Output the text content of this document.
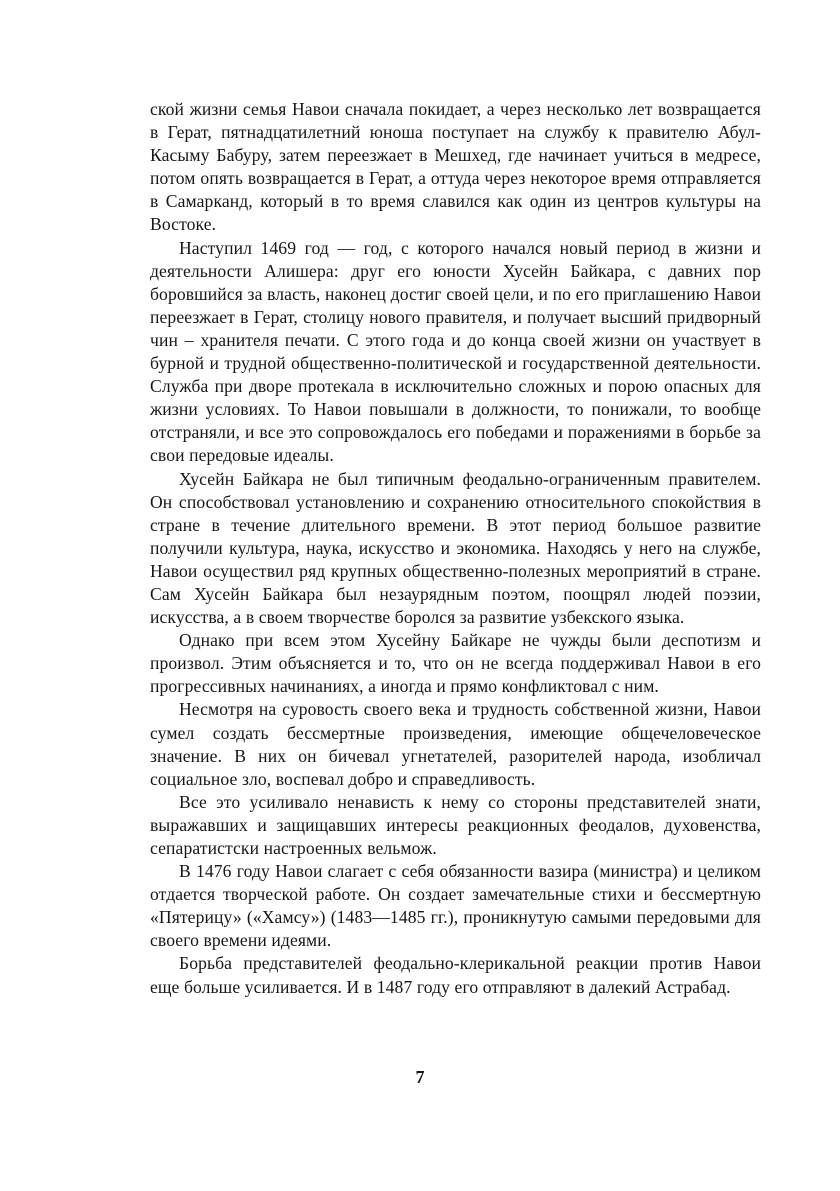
ской жизни семья Навои сначала покидает, а через несколько лет возвращается в Герат, пятнадцатилетний юноша поступает на службу к правителю Абул-Касыму Бабуру, затем переезжает в Мешхед, где начинает учиться в медресе, потом опять возвращается в Герат, а оттуда через некоторое время отправляется в Самарканд, который в то время славился как один из центров культуры на Востоке.

Наступил 1469 год — год, с которого начался новый период в жизни и деятельности Алишера: друг его юности Хусейн Байкара, с давних пор боровшийся за власть, наконец достиг своей цели, и по его приглашению Навои переезжает в Герат, столицу нового правителя, и получает высший придворный чин – хранителя печати. С этого года и до конца своей жизни он участвует в бурной и трудной общественно-политической и государственной деятельности. Служба при дворе протекала в исключительно сложных и порою опасных для жизни условиях. То Навои повышали в должности, то понижали, то вообще отстраняли, и все это сопровождалось его победами и поражениями в борьбе за свои передовые идеалы.

Хусейн Байкара не был типичным феодально-ограниченным правителем. Он способствовал установлению и сохранению относительного спокойствия в стране в течение длительного времени. В этот период большое развитие получили культура, наука, искусство и экономика. Находясь у него на службе, Навои осуществил ряд крупных общественно-полезных мероприятий в стране. Сам Хусейн Байкара был незаурядным поэтом, поощрял людей поэзии, искусства, а в своем творчестве боролся за развитие узбекского языка.

Однако при всем этом Хусейну Байкаре не чужды были деспотизм и произвол. Этим объясняется и то, что он не всегда поддерживал Навои в его прогрессивных начинаниях, а иногда и прямо конфликтовал с ним.

Несмотря на суровость своего века и трудность собственной жизни, Навои сумел создать бессмертные произведения, имеющие общечеловеческое значение. В них он бичевал угнетателей, разорителей народа, изобличал социальное зло, воспевал добро и справедливость.

Все это усиливало ненависть к нему со стороны представителей знати, выражавших и защищавших интересы реакционных феодалов, духовенства, сепаратистски настроенных вельмож.

В 1476 году Навои слагает с себя обязанности вазира (министра) и целиком отдается творческой работе. Он создает замечательные стихи и бессмертную «Пятерицу» («Хамсу») (1483—1485 гг.), проникнутую самыми передовыми для своего времени идеями.

Борьба представителей феодально-клерикальной реакции против Навои еще больше усиливается. И в 1487 году его отправляют в далекий Астрабад.

7
